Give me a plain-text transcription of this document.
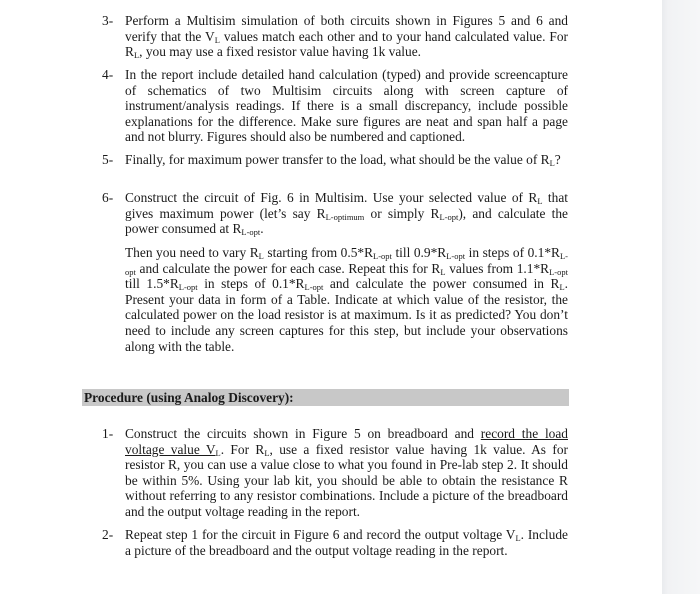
3- Perform a Multisim simulation of both circuits shown in Figures 5 and 6 and verify that the $V_L$ values match each other and to your hand calculated value. For $R_L$, you may use a fixed resistor value having 1k value.
4- In the report include detailed hand calculation (typed) and provide screencapture of schematics of two Multisim circuits along with screen capture of instrument/analysis readings. If there is a small discrepancy, include possible explanations for the difference. Make sure figures are neat and span half a page and not blurry. Figures should also be numbered and captioned.
5- Finally, for maximum power transfer to the load, what should be the value of $R_L$?
6- Construct the circuit of Fig. 6 in Multisim. Use your selected value of $R_L$ that gives maximum power (let’s say $R_{L-optimum}$ or simply $R_{L-opt}$), and calculate the power consumed at $R_{L-opt}$.
Then you need to vary $R_L$ starting from $0.5*R_{L-opt}$ till $0.9*R_{L-opt}$ in steps of $0.1*R_{L-opt}$ and calculate the power for each case. Repeat this for $R_L$ values from $1.1*R_{L-opt}$ till $1.5*R_{L-opt}$ in steps of $0.1*R_{L-opt}$ and calculate the power consumed in $R_L$. Present your data in form of a Table. Indicate at which value of the resistor, the calculated power on the load resistor is at maximum. Is it as predicted? You don’t need to include any screen captures for this step, but include your observations along with the table.
Procedure (using Analog Discovery):
1- Construct the circuits shown in Figure 5 on breadboard and record the load voltage value $V_L$. For $R_L$, use a fixed resistor value having 1k value. As for resistor R, you can use a value close to what you found in Pre-lab step 2. It should be within 5%. Using your lab kit, you should be able to obtain the resistance R without referring to any resistor combinations. Include a picture of the breadboard and the output voltage reading in the report.
2- Repeat step 1 for the circuit in Figure 6 and record the output voltage $V_L$. Include a picture of the breadboard and the output voltage reading in the report.
